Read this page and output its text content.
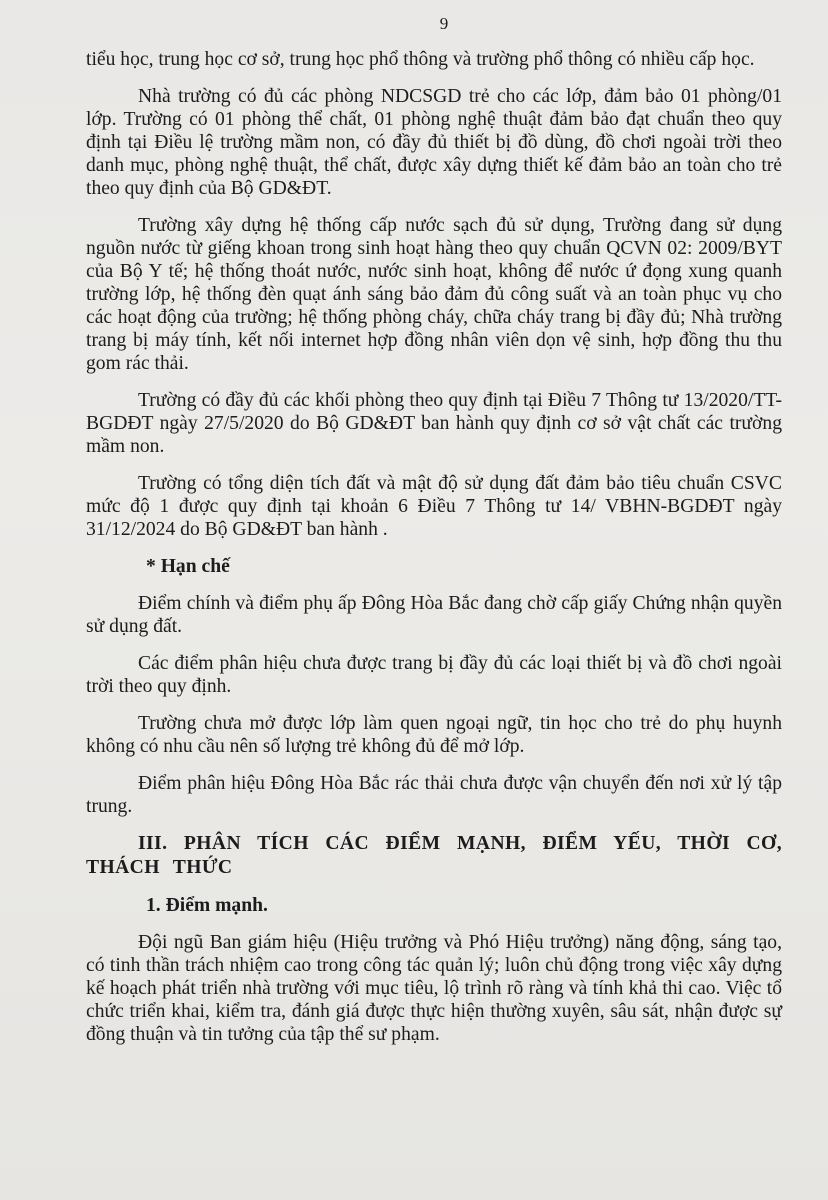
9

tiểu học, trung học cơ sở, trung học phổ thông và trường phổ thông có nhiều cấp học.

Nhà trường có đủ các phòng NDCSGD trẻ cho các lớp, đảm bảo 01 phòng/01 lớp. Trường có 01 phòng thể chất, 01 phòng nghệ thuật đảm bảo đạt chuẩn theo quy định tại Điều lệ trường mầm non, có đầy đủ thiết bị đồ dùng, đồ chơi ngoài trời theo danh mục, phòng nghệ thuật, thể chất, được xây dựng thiết kế đảm bảo an toàn cho trẻ theo quy định của Bộ GD&ĐT.

Trường xây dựng hệ thống cấp nước sạch đủ sử dụng, Trường đang sử dụng nguồn nước từ giếng khoan trong sinh hoạt hàng theo quy chuẩn QCVN 02: 2009/BYT của Bộ Y tế; hệ thống thoát nước, nước sinh hoạt, không để nước ứ đọng xung quanh trường lớp, hệ thống đèn quạt ánh sáng bảo đảm đủ công suất và an toàn phục vụ cho các hoạt động của trường; hệ thống phòng cháy, chữa cháy trang bị đầy đủ; Nhà trường trang bị máy tính, kết nối internet hợp đồng nhân viên dọn vệ sinh, hợp đồng thu thu gom rác thải.

Trường có đầy đủ các khối phòng theo quy định tại Điều 7 Thông tư 13/2020/TT-BGDĐT ngày 27/5/2020 do Bộ GD&ĐT ban hành quy định cơ sở vật chất các trường mầm non.

Trường có tổng diện tích đất và mật độ sử dụng đất đảm bảo tiêu chuẩn CSVC mức độ 1 được quy định tại khoản 6 Điều 7 Thông tư 14/ VBHN-BGDĐT ngày 31/12/2024 do Bộ GD&ĐT ban hành .

* Hạn chế

Điểm chính và điểm phụ ấp Đông Hòa Bắc đang chờ cấp giấy Chứng nhận quyền sử dụng đất.

Các điểm phân hiệu chưa được trang bị đầy đủ các loại thiết bị và đồ chơi ngoài trời theo quy định.

Trường chưa mở được lớp làm quen ngoại ngữ, tin học cho trẻ do phụ huynh không có nhu cầu nên số lượng trẻ không đủ để mở lớp.

Điểm phân hiệu Đông Hòa Bắc rác thải chưa được vận chuyển đến nơi xử lý tập trung.

III. PHÂN TÍCH CÁC ĐIỂM MẠNH, ĐIỂM YẾU, THỜI CƠ, THÁCH THỨC
1. Điểm mạnh.

Đội ngũ Ban giám hiệu (Hiệu trưởng và Phó Hiệu trưởng) năng động, sáng tạo, có tinh thần trách nhiệm cao trong công tác quản lý; luôn chủ động trong việc xây dựng kế hoạch phát triển nhà trường với mục tiêu, lộ trình rõ ràng và tính khả thi cao. Việc tổ chức triển khai, kiểm tra, đánh giá được thực hiện thường xuyên, sâu sát, nhận được sự đồng thuận và tin tưởng của tập thể sư phạm.
